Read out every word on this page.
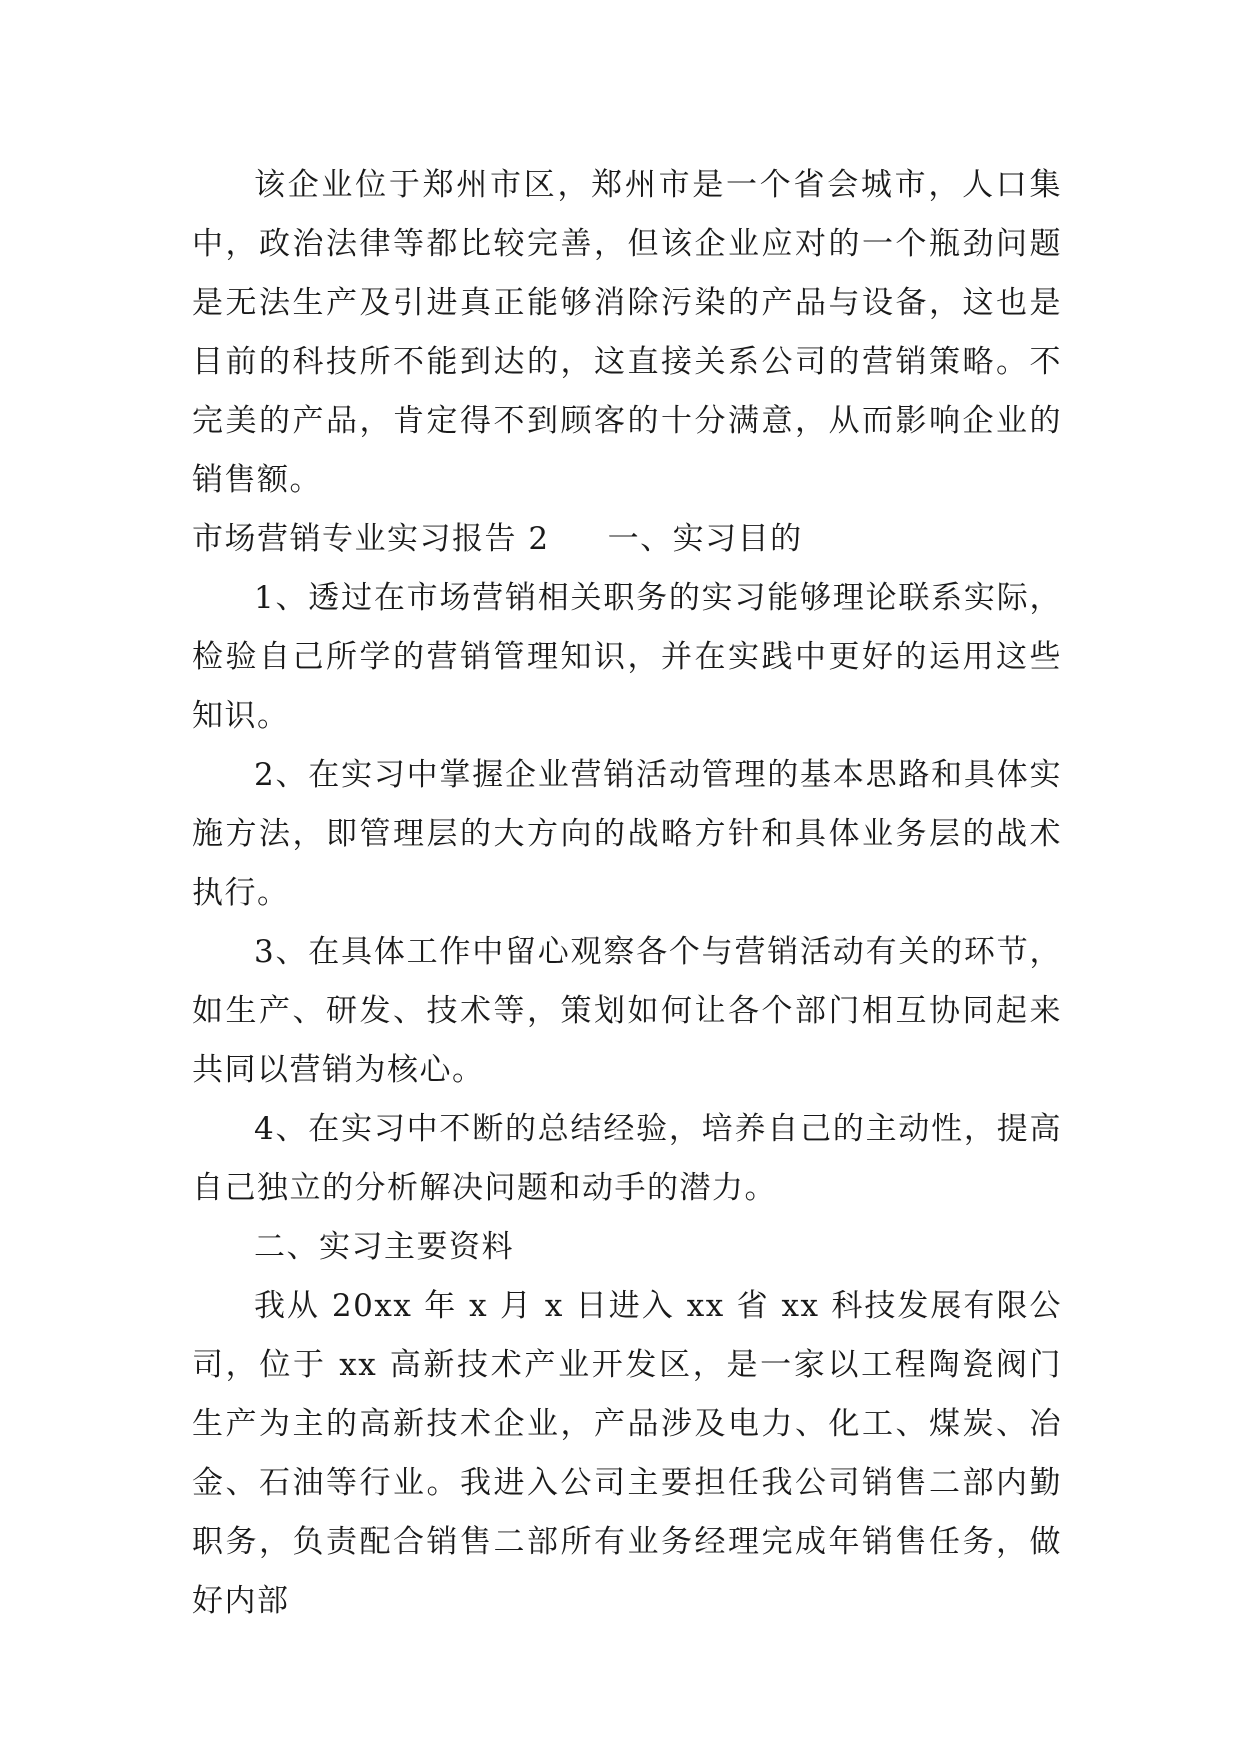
该企业位于郑州市区，郑州市是一个省会城市，人口集中，政治法律等都比较完善，但该企业应对的一个瓶劲问题是无法生产及引进真正能够消除污染的产品与设备，这也是目前的科技所不能到达的，这直接关系公司的营销策略。不完美的产品，肯定得不到顾客的十分满意，从而影响企业的销售额。

市场营销专业实习报告 2 一、实习目的

1、透过在市场营销相关职务的实习能够理论联系实际，检验自己所学的营销管理知识，并在实践中更好的运用这些知识。

2、在实习中掌握企业营销活动管理的基本思路和具体实施方法，即管理层的大方向的战略方针和具体业务层的战术执行。

3、在具体工作中留心观察各个与营销活动有关的环节，如生产、研发、技术等，策划如何让各个部门相互协同起来共同以营销为核心。

4、在实习中不断的总结经验，培养自己的主动性，提高自己独立的分析解决问题和动手的潜力。

二、实习主要资料

我从 20xx 年 x 月 x 日进入 xx 省 xx 科技发展有限公司，位于 xx 高新技术产业开发区，是一家以工程陶瓷阀门生产为主的高新技术企业，产品涉及电力、化工、煤炭、冶金、石油等行业。我进入公司主要担任我公司销售二部内勤职务，负责配合销售二部所有业务经理完成年销售任务，做好内部
